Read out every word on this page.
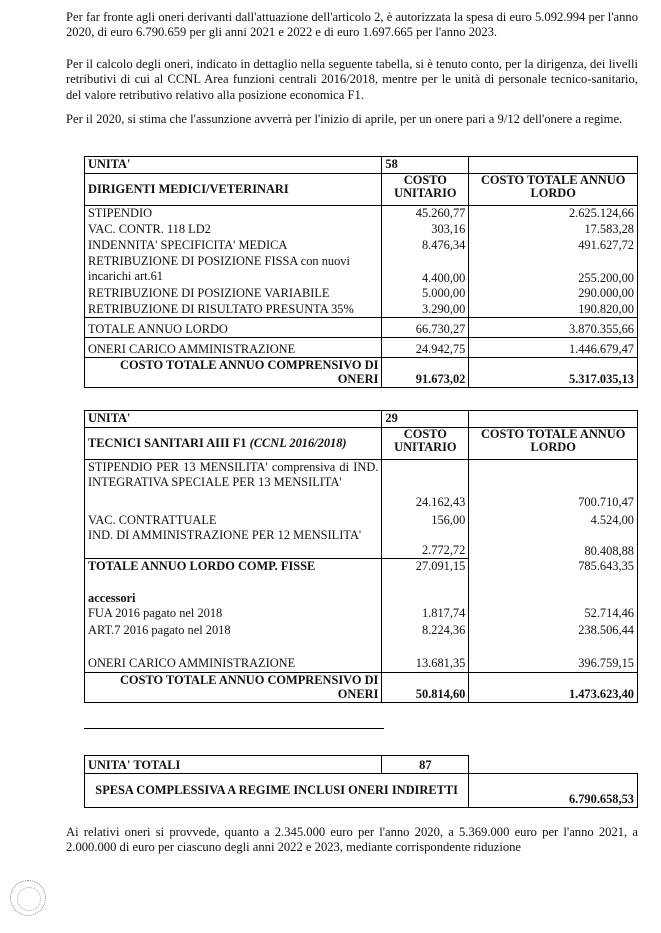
Per far fronte agli oneri derivanti dall'attuazione dell'articolo 2, è autorizzata la spesa di euro 5.092.994 per l'anno 2020, di euro 6.790.659 per gli anni 2021 e 2022 e di euro 1.697.665 per l'anno 2023.
Per il calcolo degli oneri, indicato in dettaglio nella seguente tabella, si è tenuto conto, per la dirigenza, dei livelli retributivi di cui al CCNL Area funzioni centrali 2016/2018, mentre per le unità di personale tecnico-sanitario, del valore retributivo relativo alla posizione economica F1.
Per il 2020, si stima che l'assunzione avverrà per l'inizio di aprile, per un onere pari a 9/12 dell'onere a regime.
UNITA'	58	
DIRIGENTI MEDICI/VETERINARI	COSTO UNITARIO	COSTO TOTALE ANNUO LORDO
STIPENDIO	45.260,77	2.625.124,66
VAC. CONTR. 118 LD2	303,16	17.583,28
INDENNITA' SPECIFICITA' MEDICA	8.476,34	491.627,72
RETRIBUZIONE DI POSIZIONE FISSA con nuovi incarichi art.61	4.400,00	255.200,00
RETRIBUZIONE DI POSIZIONE VARIABILE	5.000,00	290.000,00
RETRIBUZIONE DI RISULTATO PRESUNTA 35%	3.290,00	190.820,00
TOTALE ANNUO LORDO	66.730,27	3.870.355,66
ONERI CARICO AMMINISTRAZIONE	24.942,75	1.446.679,47
COSTO TOTALE ANNUO COMPRENSIVO DI ONERI	91.673,02	5.317.035,13
UNITA'	29	
TECNICI SANITARI AIII F1 (CCNL 2016/2018)	COSTO UNITARIO	COSTO TOTALE ANNUO LORDO
STIPENDIO PER 13 MENSILITA' comprensiva di IND. INTEGRATIVA SPECIALE PER 13 MENSILITA'	24.162,43	700.710,47
VAC. CONTRATTUALE	156,00	4.524,00
IND. DI AMMINISTRAZIONE PER 12 MENSILITA'	2.772,72	80.408,88
TOTALE ANNUO LORDO COMP. FISSE	27.091,15	785.643,35
accessori		
FUA 2016 pagato nel 2018	1.817,74	52.714,46
ART.7 2016 pagato nel 2018	8.224,36	238.506,44
ONERI CARICO AMMINISTRAZIONE	13.681,35	396.759,15
COSTO TOTALE ANNUO COMPRENSIVO DI ONERI	50.814,60	1.473.623,40
UNITA' TOTALI	87	
SPESA COMPLESSIVA A REGIME INCLUSI ONERI INDIRETTI		6.790.658,53
Ai relativi oneri si provvede, quanto a 2.345.000 euro per l'anno 2020, a 5.369.000 euro per l'anno 2021, a 2.000.000 di euro per ciascuno degli anni 2022 e 2023, mediante corrispondente riduzione
